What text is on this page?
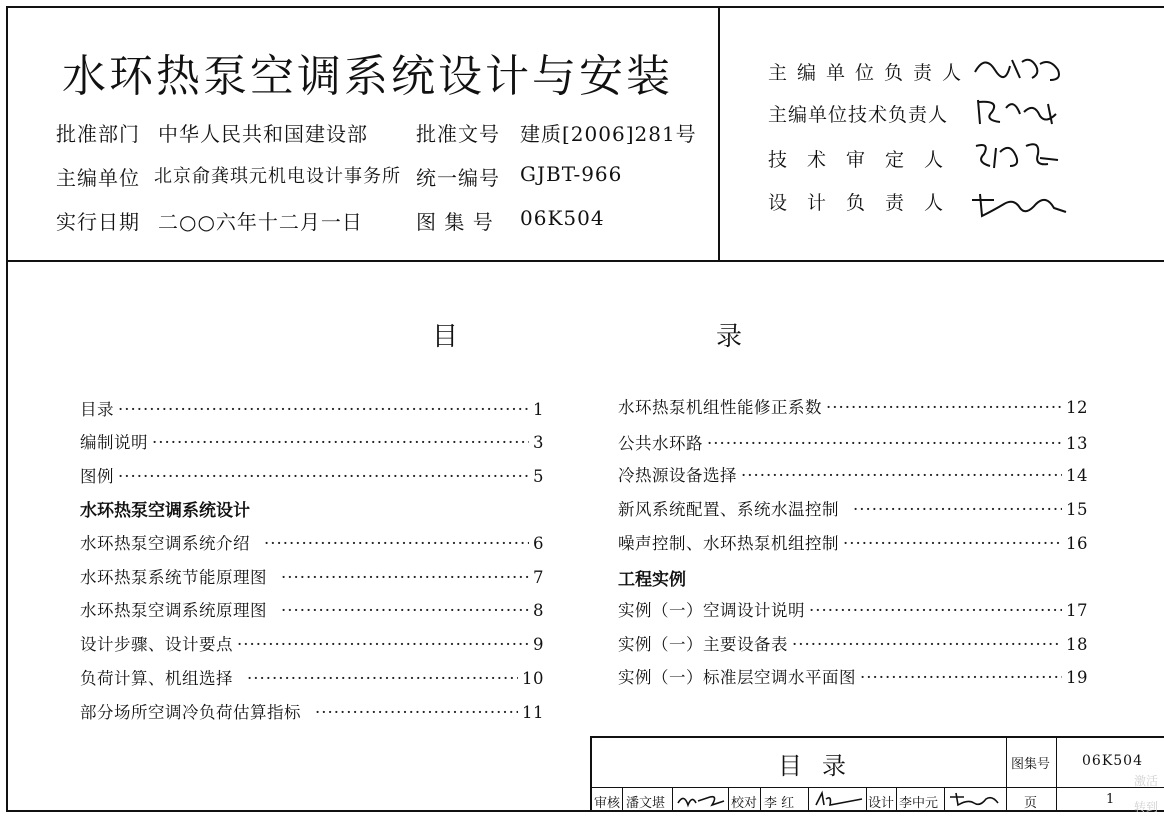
水环热泵空调系统设计与安装
批准部门 中华人民共和国建设部 批准文号 建质[2006]281号
主编单位 北京俞龚琪元机电设计事务所 统一编号 GJBT-966
实行日期 二○○六年十二月一日	图 集 号 06K504
主编单位负责人
主编单位技术负责人
技术审定人
设计负责人
目	录
目录 ·····	1
编制说明 ·····	3
图例 ·····	5
水环热泵空调系统设计
水环热泵空调系统介绍 ·····	6
水环热泵系统节能原理图 ·····	7
水环热泵空调系统原理图 ·····	8
设计步骤、设计要点 ·····	9
负荷计算、机组选择 ·····	10
部分场所空调冷负荷估算指标 ·····	11
水环热泵机组性能修正系数 ·····	12
公共水环路 ·····	13
冷热源设备选择 ·····	14
新风系统配置、系统水温控制 ·····	15
噪声控制、水环热泵机组控制 ·····	16
工程实例
实例（一）空调设计说明 ·····	17
实例（一）主要设备表 ·····	18
实例（一）标准层空调水平面图 ·····	19
目录	图集号 06K504
审核 潘文堪	校对 李 红	设计 李中元	页	1
激活
转到
